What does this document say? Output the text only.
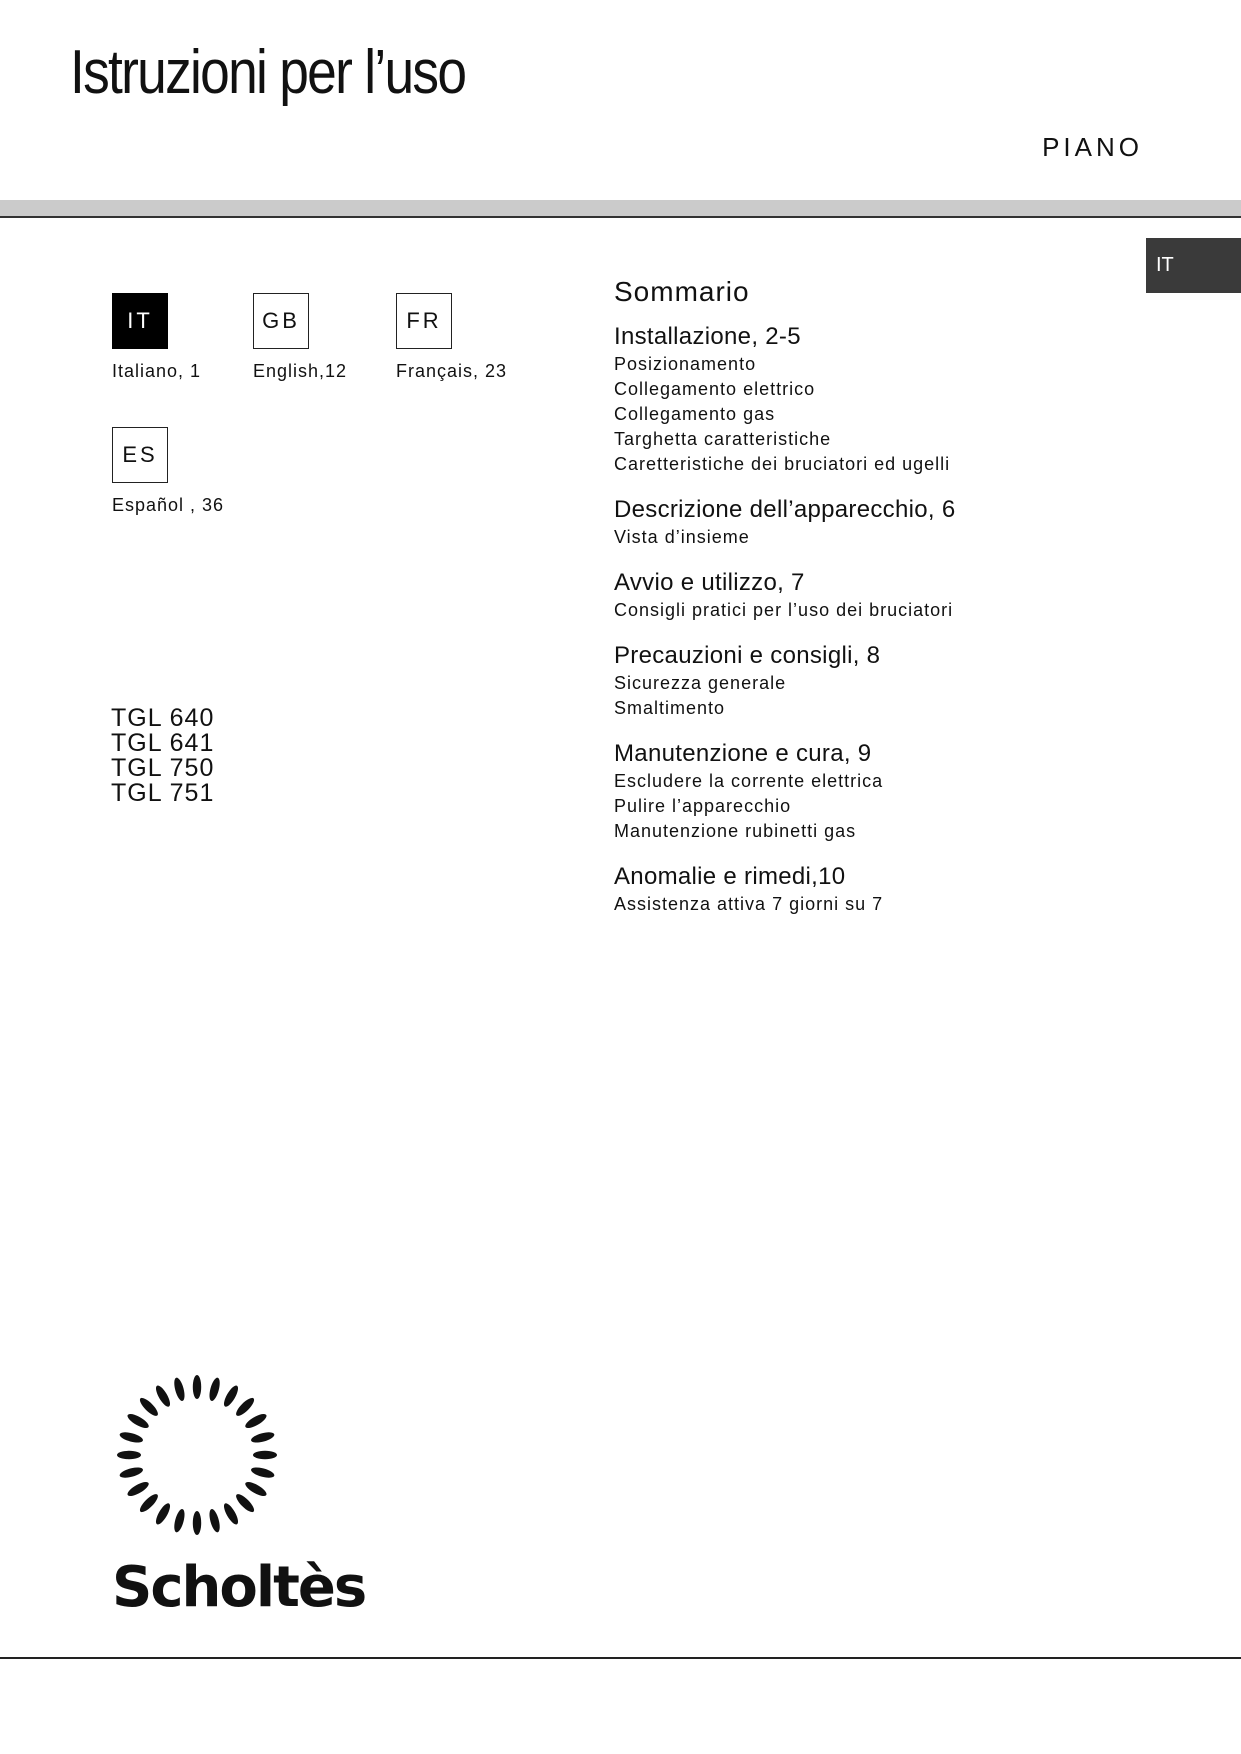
Istruzioni per l’uso
PIANO
IT
IT
Italiano, 1
GB
English,12
FR
Français, 23
ES
Español , 36
TGL 640
TGL 641
TGL 750
TGL 751
Sommario
Installazione, 2-5
Posizionamento
Collegamento elettrico
Collegamento gas
Targhetta caratteristiche
Caretteristiche dei bruciatori ed ugelli
Descrizione dell’apparecchio, 6
Vista d’insieme
Avvio e utilizzo, 7
Consigli pratici per l’uso dei bruciatori
Precauzioni e consigli, 8
Sicurezza generale
Smaltimento
Manutenzione e cura, 9
Escludere la corrente elettrica
Pulire l’apparecchio
Manutenzione rubinetti gas
Anomalie e rimedi,10
Assistenza attiva 7 giorni su 7
Scholtès
